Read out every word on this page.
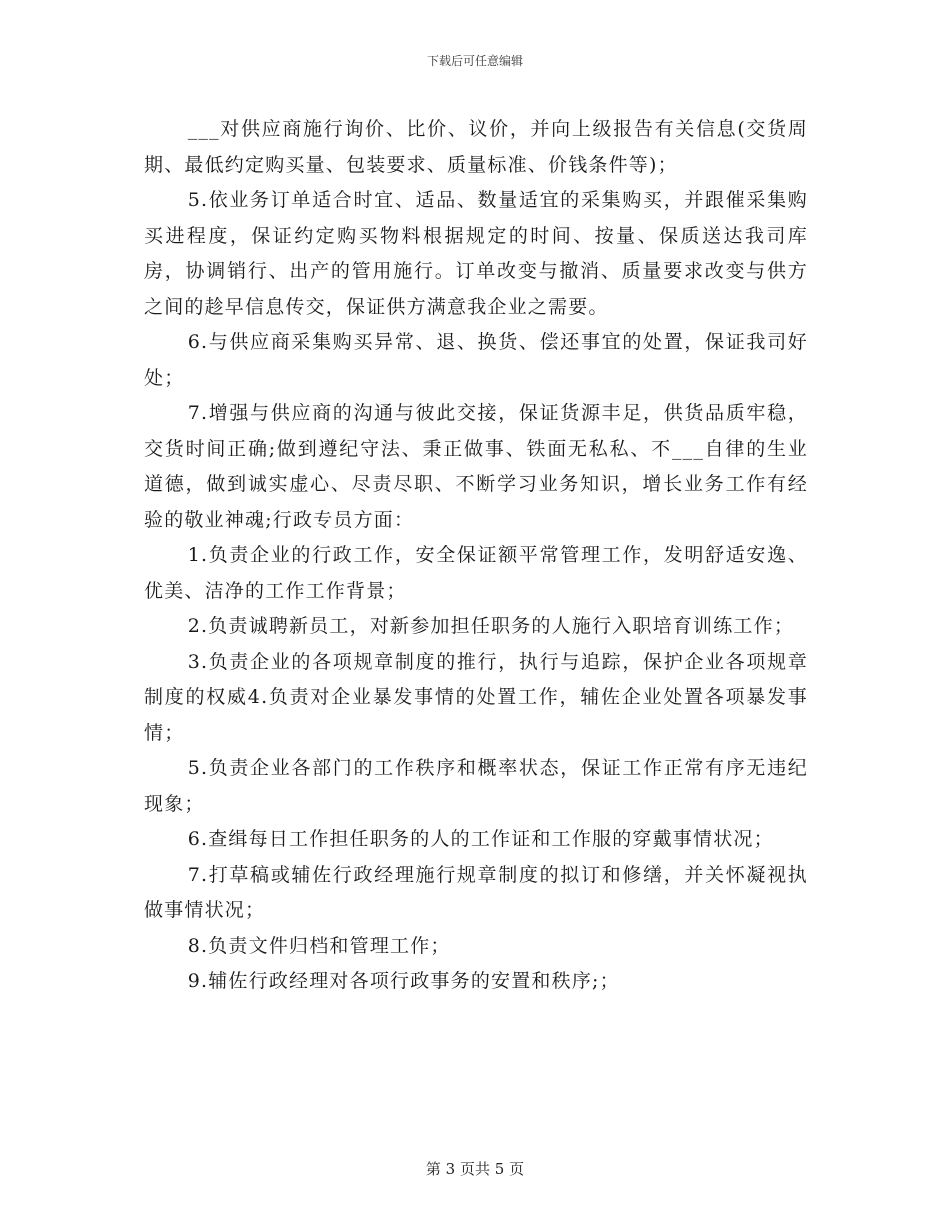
下载后可任意编辑

___对供应商施行询价、比价、议价，并向上级报告有关信息(交货周期、最低约定购买量、包装要求、质量标准、价钱条件等)；

5.依业务订单适合时宜、适品、数量适宜的采集购买，并跟催采集购买进程度，保证约定购买物料根据规定的时间、按量、保质送达我司库房，协调销行、出产的管用施行。订单改变与撤消、质量要求改变与供方之间的趁早信息传交，保证供方满意我企业之需要。

6.与供应商采集购买异常、退、换货、偿还事宜的处置，保证我司好处；

7.增强与供应商的沟通与彼此交接，保证货源丰足，供货品质牢稳，交货时间正确;做到遵纪守法、秉正做事、铁面无私私、不___自律的生业道德，做到诚实虚心、尽责尽职、不断学习业务知识，增长业务工作有经验的敬业神魂;行政专员方面：

1.负责企业的行政工作，安全保证额平常管理工作，发明舒适安逸、优美、洁净的工作工作背景；

2.负责诚聘新员工，对新参加担任职务的人施行入职培育训练工作；

3.负责企业的各项规章制度的推行，执行与追踪，保护企业各项规章制度的权威4.负责对企业暴发事情的处置工作，辅佐企业处置各项暴发事情；

5.负责企业各部门的工作秩序和概率状态，保证工作正常有序无违纪现象；

6.查缉每日工作担任职务的人的工作证和工作服的穿戴事情状况；

7.打草稿或辅佐行政经理施行规章制度的拟订和修缮，并关怀凝视执做事情状况；

8.负责文件归档和管理工作；

9.辅佐行政经理对各项行政事务的安置和秩序;；

第 3 页共 5 页
